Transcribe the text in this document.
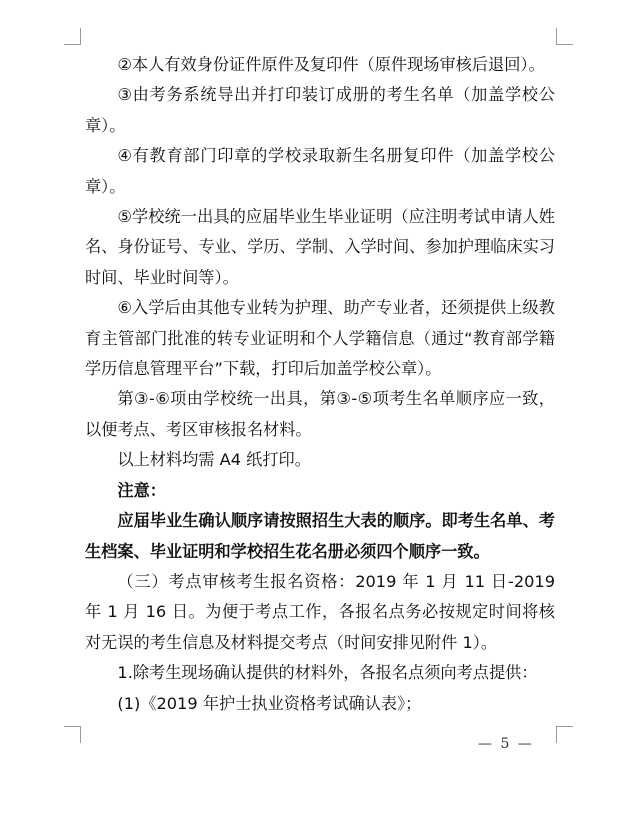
②本人有效身份证件原件及复印件（原件现场审核后退回）。

③由考务系统导出并打印装订成册的考生名单（加盖学校公章）。

④有教育部门印章的学校录取新生名册复印件（加盖学校公章）。

⑤学校统一出具的应届毕业生毕业证明（应注明考试申请人姓名、身份证号、专业、学历、学制、入学时间、参加护理临床实习时间、毕业时间等）。

⑥入学后由其他专业转为护理、助产专业者，还须提供上级教育主管部门批准的转专业证明和个人学籍信息（通过“教育部学籍学历信息管理平台”下载，打印后加盖学校公章）。

第③-⑥项由学校统一出具，第③-⑤项考生名单顺序应一致，以便考点、考区审核报名材料。

以上材料均需 A4 纸打印。

注意：

应届毕业生确认顺序请按照招生大表的顺序。即考生名单、考生档案、毕业证明和学校招生花名册必须四个顺序一致。

（三）考点审核考生报名资格：2019 年 1 月 11 日-2019 年 1 月 16 日。为便于考点工作，各报名点务必按规定时间将核对无误的考生信息及材料提交考点（时间安排见附件 1）。

1.除考生现场确认提供的材料外，各报名点须向考点提供：

(1)《2019 年护士执业资格考试确认表》；

— 5 —
